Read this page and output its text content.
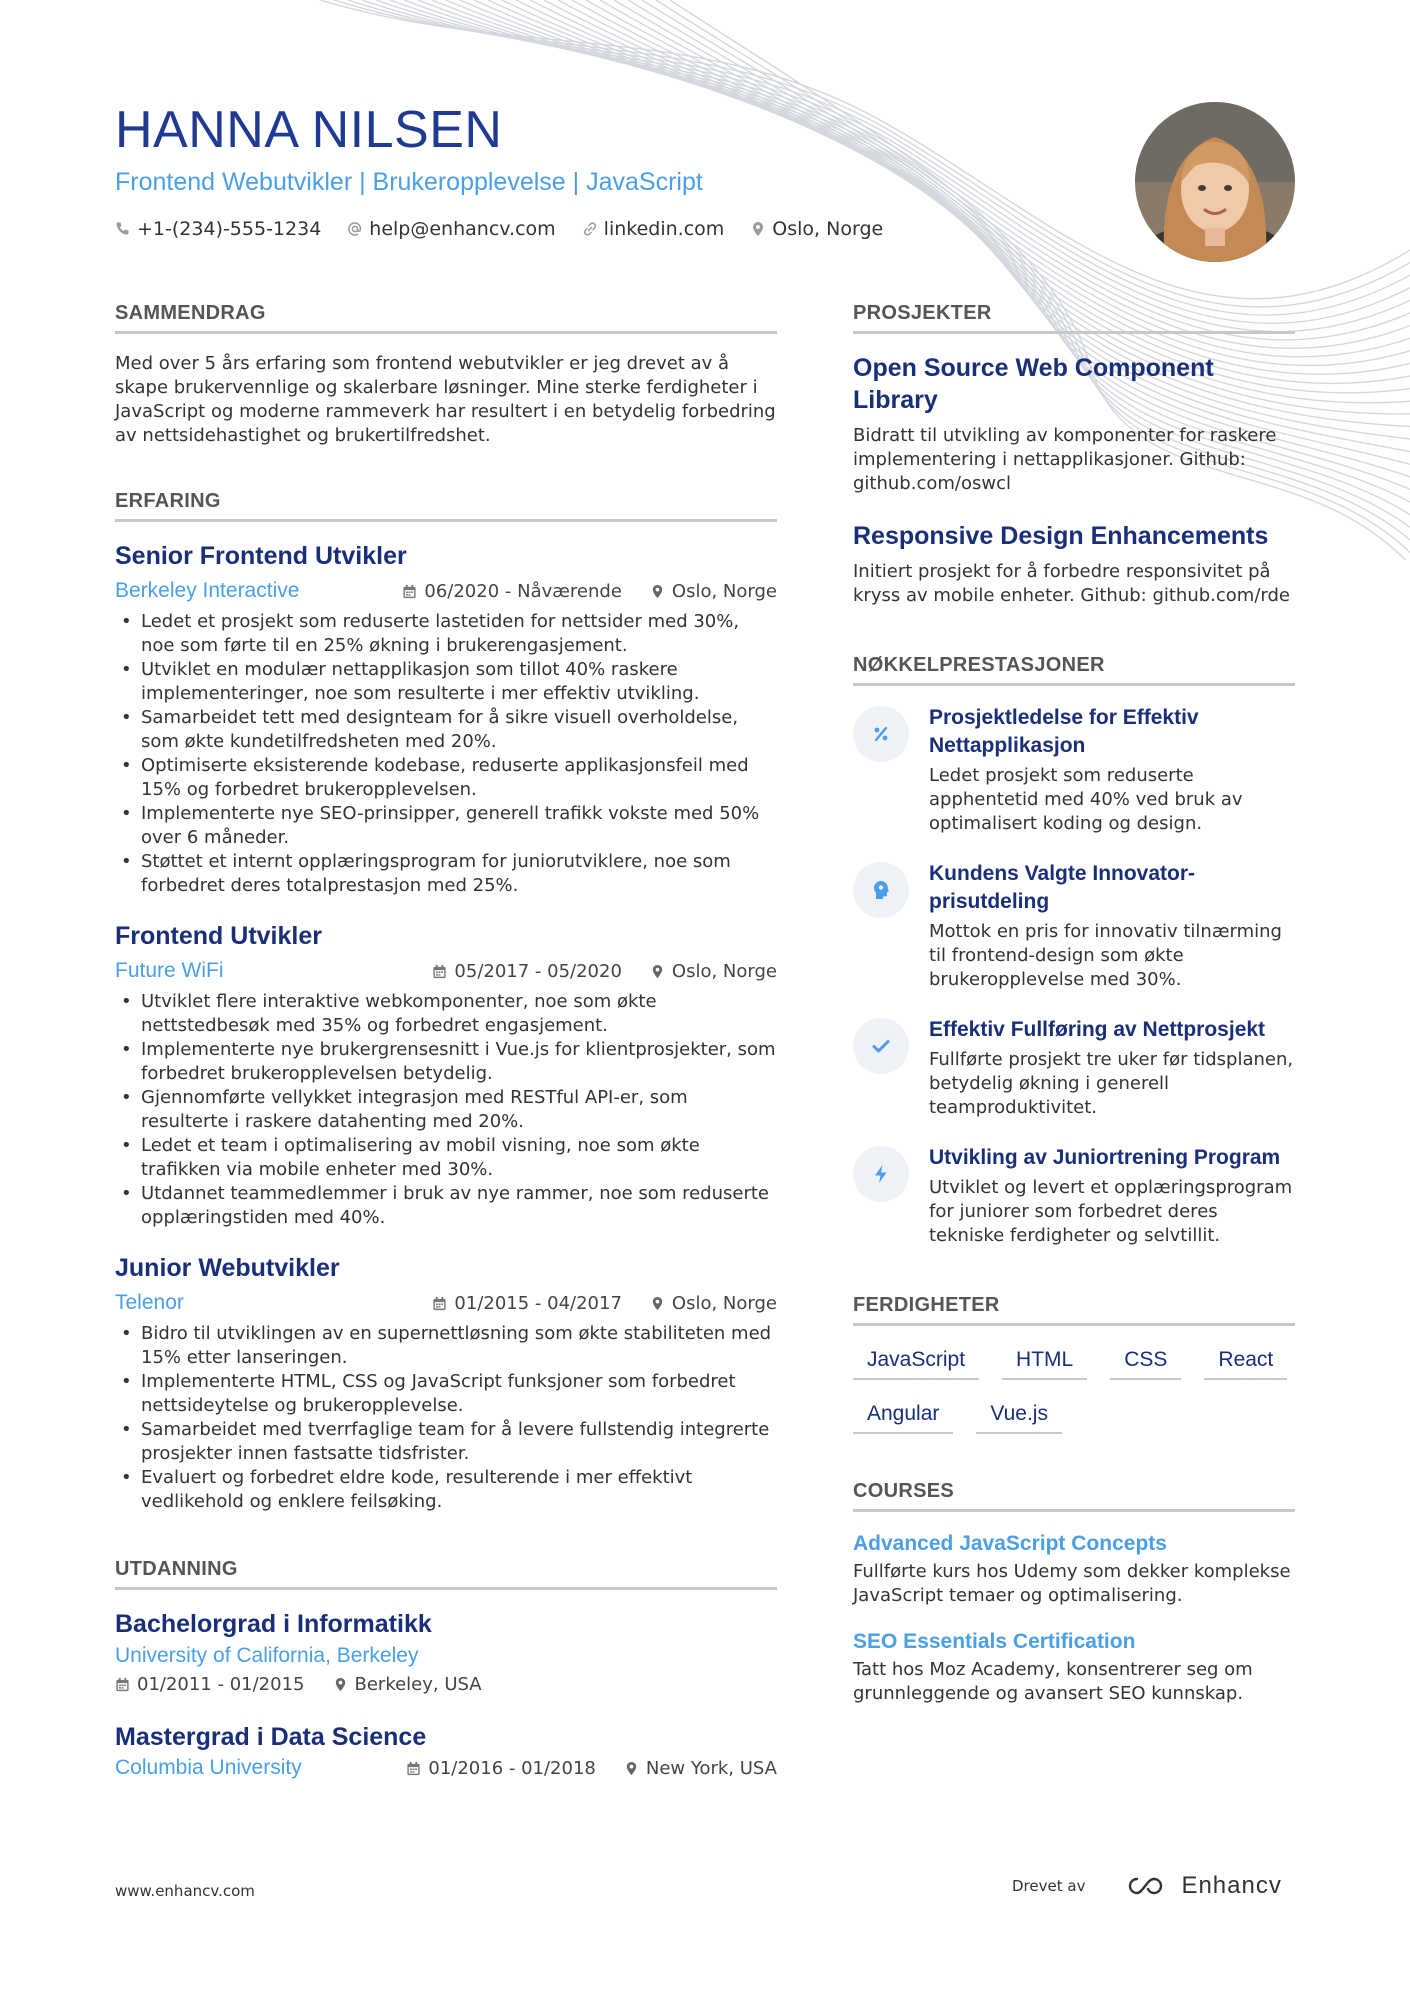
HANNA NILSEN
Frontend Webutvikler | Brukeropplevelse | JavaScript
+1-(234)-555-1234	help@enhancv.com	linkedin.com	Oslo, Norge
SAMMENDRAG

Med over 5 års erfaring som frontend webutvikler er jeg drevet av å skape brukervennlige og skalerbare løsninger. Mine sterke ferdigheter i JavaScript og moderne rammeverk har resultert i en betydelig forbedring av nettsidehastighet og brukertilfredshet.

ERFARING
Senior Frontend Utvikler
Berkeley Interactive	06/2020 - Nåværende	Oslo, Norge
• Ledet et prosjekt som reduserte lastetiden for nettsider med 30%, noe som førte til en 25% økning i brukerengasjement.
• Utviklet en modulær nettapplikasjon som tillot 40% raskere implementeringer, noe som resulterte i mer effektiv utvikling.
• Samarbeidet tett med designteam for å sikre visuell overholdelse, som økte kundetilfredsheten med 20%.
• Optimiserte eksisterende kodebase, reduserte applikasjonsfeil med 15% og forbedret brukeropplevelsen.
• Implementerte nye SEO-prinsipper, generell trafikk vokste med 50% over 6 måneder.
• Støttet et internt opplæringsprogram for juniorutviklere, noe som forbedret deres totalprestasjon med 25%.
Frontend Utvikler
Future WiFi	05/2017 - 05/2020	Oslo, Norge
• Utviklet flere interaktive webkomponenter, noe som økte nettstedbesøk med 35% og forbedret engasjement.
• Implementerte nye brukergrensesnitt i Vue.js for klientprosjekter, som forbedret brukeropplevelsen betydelig.
• Gjennomførte vellykket integrasjon med RESTful API-er, som resulterte i raskere datahenting med 20%.
• Ledet et team i optimalisering av mobil visning, noe som økte trafikken via mobile enheter med 30%.
• Utdannet teammedlemmer i bruk av nye rammer, noe som reduserte opplæringstiden med 40%.
Junior Webutvikler
Telenor	01/2015 - 04/2017	Oslo, Norge
• Bidro til utviklingen av en supernettløsning som økte stabiliteten med 15% etter lanseringen.
• Implementerte HTML, CSS og JavaScript funksjoner som forbedret nettsideytelse og brukeropplevelse.
• Samarbeidet med tverrfaglige team for å levere fullstendig integrerte prosjekter innen fastsatte tidsfrister.
• Evaluert og forbedret eldre kode, resulterende i mer effektivt vedlikehold og enklere feilsøking.
UTDANNING
Bachelorgrad i Informatikk
University of California, Berkeley
01/2011 - 01/2015	Berkeley, USA
Mastergrad i Data Science
Columbia University	01/2016 - 01/2018	New York, USA
PROSJEKTER
Open Source Web Component Library

Bidratt til utvikling av komponenter for raskere implementering i nettapplikasjoner. Github: github.com/oswcl

Responsive Design Enhancements

Initiert prosjekt for å forbedre responsivitet på kryss av mobile enheter. Github: github.com/rde

NØKKELPRESTASJONER
Prosjektledelse for Effektiv Nettapplikasjon
Ledet prosjekt som reduserte apphentetid med 40% ved bruk av optimalisert koding og design.
Kundens Valgte Innovator-prisutdeling
Mottok en pris for innovativ tilnærming til frontend-design som økte brukeropplevelse med 30%.
Effektiv Fullføring av Nettprosjekt
Fullførte prosjekt tre uker før tidsplanen, betydelig økning i generell teamproduktivitet.
Utvikling av Juniortrening Program
Utviklet og levert et opplæringsprogram for juniorer som forbedret deres tekniske ferdigheter og selvtillit.
FERDIGHETER
JavaScript	HTML	CSS	React
Angular	Vue.js
COURSES
Advanced JavaScript Concepts

Fullførte kurs hos Udemy som dekker komplekse JavaScript temaer og optimalisering.

SEO Essentials Certification

Tatt hos Moz Academy, konsentrerer seg om grunnleggende og avansert SEO kunnskap.

www.enhancv.com	Drevet av	Enhancv
